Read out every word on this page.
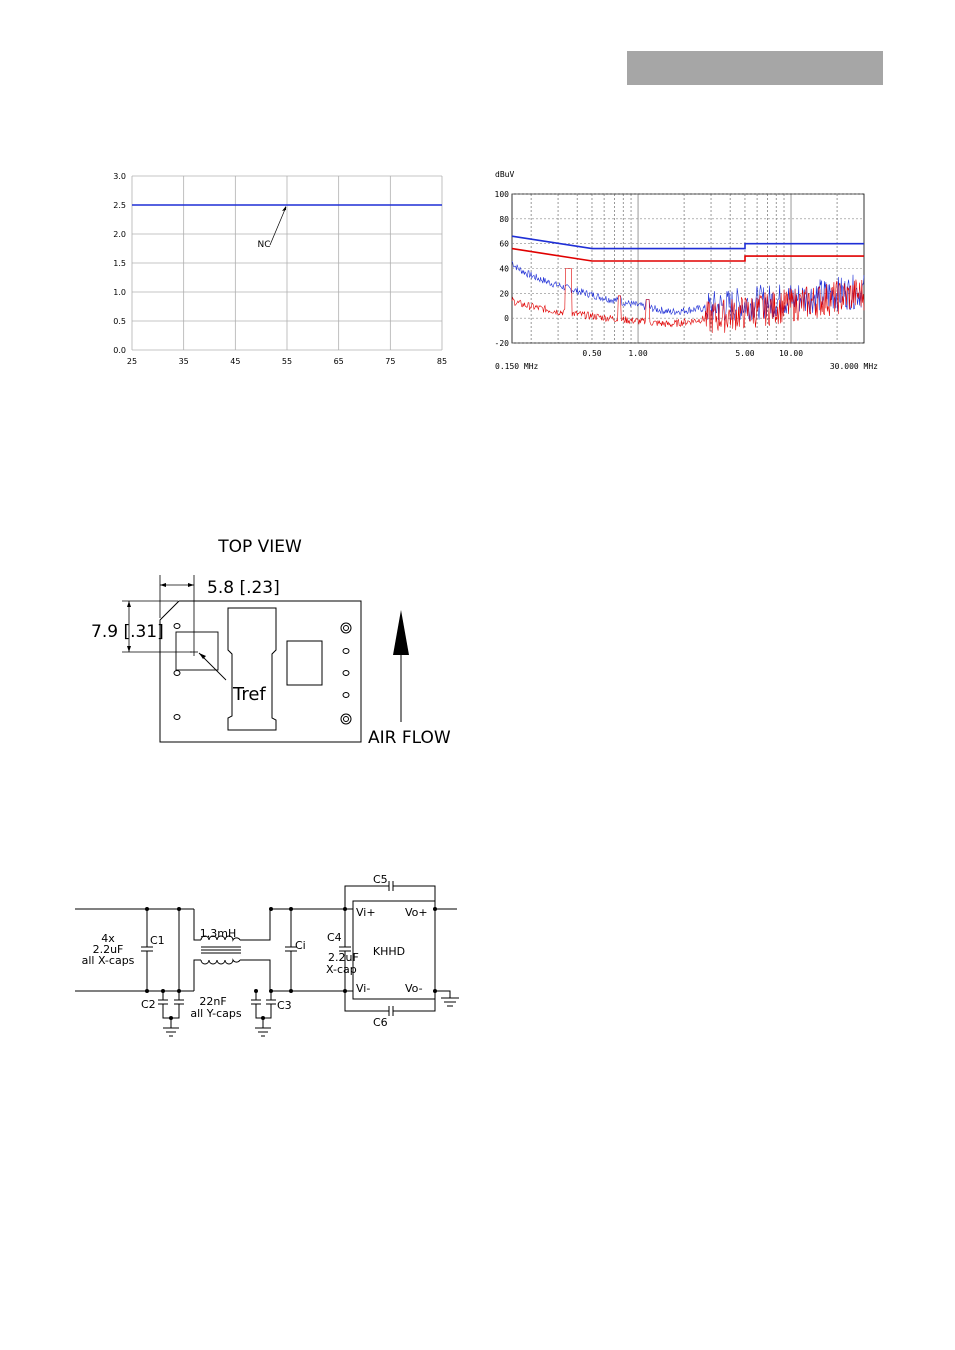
3.0
2.5
2.0
1.5
1.0
0.5
0.0
25	35	45	55	65	75	85
NC
dBuV
100
80
60
40
20
0
-20
0.150 MHz
0.50	1.00	5.00	10.00
30.000 MHz
TOP VIEW
Tref
5.8 [.23]
7.9 [.31]
AIR FLOW
4x
2.2uF
all X-caps
C1
C2	C3
C4
C5
C6
Ci
1.3mH
22nF
all Y-caps
2.2uF
X-cap
KHHD
Vi+
Vi-
Vo+
Vo-
